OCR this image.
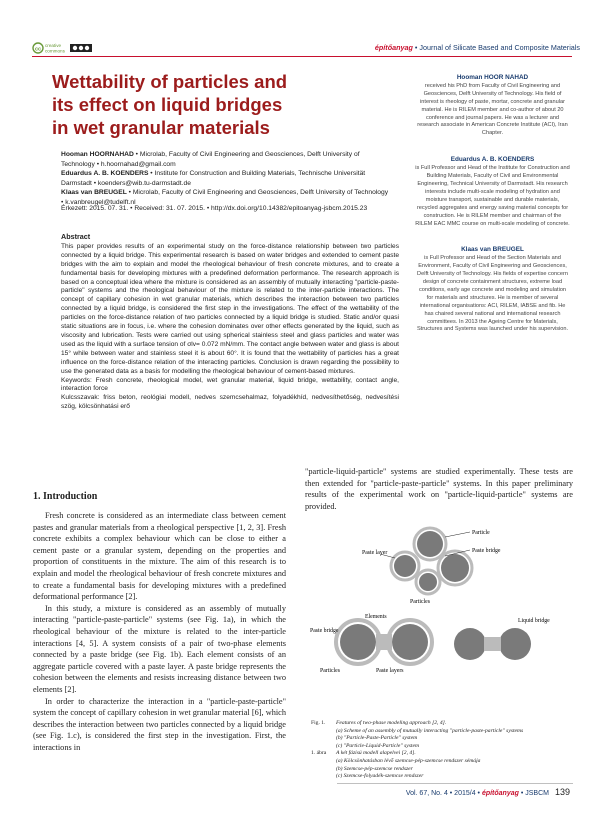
cc
creative
commons	építőanyag • Journal of Silicate Based and Composite Materials
Wettability of particles and its effect on liquid bridges in wet granular materials
Hooman HOORNAHAD • Microlab, Faculty of Civil Engineering and Geosciences, Delft University of Technology • h.hoornahad@gmail.com
Eduardus A. B. KOENDERS • Institute for Construction and Building Materials, Technische Universität Darmstadt • koenders@wib.tu-darmstadt.de
Klaas van BREUGEL • Microlab, Faculty of Civil Engineering and Geosciences, Delft University of Technology • k.vanbreugel@tudelft.nl
Érkezett: 2015. 07. 31. • Received: 31. 07. 2015. • http://dx.doi.org/10.14382/epitoanyag-jsbcm.2015.23
Abstract

This paper provides results of an experimental study on the force-distance relationship between two particles connected by a liquid bridge. This experimental research is based on water bridges and extended to cement paste bridges with the aim to explain and model the rheological behaviour of fresh concrete mixtures, and to create a fundamental basis for developing mixtures with a predefined deformation performance. The research approach is based on a conceptual idea where the mixture is considered as an assembly of mutually interacting "particle-paste-particle" systems and the rheological behaviour of the mixture is related to the inter-particle interactions. The concept of capillary cohesion in wet granular materials, which describes the interaction between two particles connected by a liquid bridge, is considered the first step in the investigations. The effect of the wettability of the particles on the force-distance relation of two particles connected by a liquid bridge is studied. Static and/or quasi static situations are in focus, i.e. where the cohesion dominates over other effects generated by the liquid, such as viscosity and lubrication. Tests were carried out using spherical stainless steel and glass particles and water was used as the liquid with a surface tension of σlv= 0.072 mN/mm. The contact angle between water and glass is about 15° while between water and stainless steel it is about 60°. It is found that the wettability of particles has a great influence on the force-distance relation of the interacting particles. Conclusion is drawn regarding the possibility to use the generated data as a basis for modelling the rheological behaviour of cement-based mixtures.

Keywords: Fresh concrete, rheological model, wet granular material, liquid bridge, wettability, contact angle, interaction force

Kulcsszavak: friss beton, reológiai modell, nedves szemcsehalmaz, folyadékhíd, nedvesíthetőség, nedvesítési szög, kölcsönhatási erő

Hooman HOOR NAHAD

received his PhD from Faculty of Civil Engineering and Geosciences, Delft University of Technology. His field of interest is rheology of paste, mortar, concrete and granular material. He is RILEM member and co-author of about 20 conference and journal papers. He was a lecturer and research associate in American Concrete Institute (ACI), Iran Chapter.

Eduardus A. B. KOENDERS

is Full Professor and Head of the Institute for Construction and Building Materials, Faculty of Civil and Environmental Engineering, Technical University of Darmstadt. His research interests include multi-scale modeling of hydration and moisture transport, sustainable and durable materials, recycled aggregates and energy saving material concepts for construction. He is RILEM member and chairman of the RILEM EAC MMC course on multi-scale modeling of concrete.

Klaas van BREUGEL

is Full Professor and Head of the Section Materials and Environment, Faculty of Civil Engineering and Geosciences, Delft University of Technology. His fields of expertise concern design of concrete containment structures, extreme load conditions, early age concrete and modeling and simulation for materials and structures. He is member of several international organisations: ACI, RILEM, IABSE and fib. He has chaired several national and international research committees. In 2013 the Ageing Centre for Materials, Structures and Systems was launched under his supervision.

1. Introduction

Fresh concrete is considered as an intermediate class between cement pastes and granular materials from a rheological perspective [1, 2, 3]. Fresh concrete exhibits a complex behaviour which can be close to either a cement paste or a granular system, depending on the properties and proportion of constituents in the mixture. The aim of this research is to explain and model the rheological behaviour of fresh concrete mixtures and to create a fundamental basis for developing mixtures with a predefined deformational performance [2].

In this study, a mixture is considered as an assembly of mutually interacting "particle-paste-particle" systems (see Fig. 1a), in which the rheological behaviour of the mixture is related to the inter-particle interactions [4, 5]. A system consists of a pair of two-phase elements connected by a paste bridge (see Fig. 1b). Each element consists of an aggregate particle covered with a paste layer. A paste bridge represents the cohesion between the elements and resists increasing distance between two elements [2].

In order to characterize the interaction in a "particle-paste-particle" system the concept of capillary cohesion in wet granular material [6], which describes the interaction between two particles connected by a liquid bridge (see Fig. 1.c), is considered the first step in the investigation. First, the interactions in

"particle-liquid-particle" systems are studied experimentally. These tests are then extended for "particle-paste-particle" systems. In this paper preliminary results of the experimental work on "particle-liquid-particle" systems are provided.

Particle
Paste bridge
Paste layer
Particles
Elements
Paste bridge
Paste layers
Particles
Liquid bridge
Fig. 1.	Features of two-phase modeling approach [2, 4].
(a) Scheme of an assembly of mutually interacting "particle-paste-particle" systems
(b) "Particle-Paste-Particle" system
(c) "Particle-Liquid-Particle" system
1. ábra	A két fázisú modell alapelvei [2, 4].
(a) Kölcsönhatásban lévő szemcse-pép-szemcse rendszer sémája
(b) Szemcse-pép-szemcse rendszer
(c) Szemcse-folyadék-szemcse rendszer
Vol. 67, No. 4 • 2015/4 • építőanyag • JSBCM 139
